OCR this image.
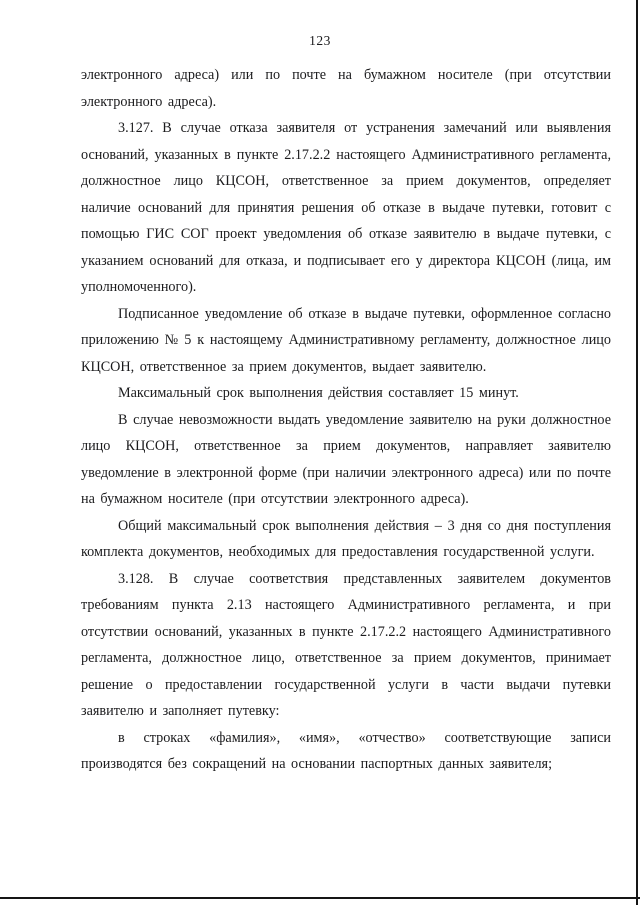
123

электронного адреса) или по почте на бумажном носителе (при отсутствии электронного адреса).

3.127. В случае отказа заявителя от устранения замечаний или выявления оснований, указанных в пункте 2.17.2.2 настоящего Административного регламента, должностное лицо КЦСОН, ответственное за прием документов, определяет наличие оснований для принятия решения об отказе в выдаче путевки, готовит с помощью ГИС СОГ проект уведомления об отказе заявителю в выдаче путевки, с указанием оснований для отказа, и подписывает его у директора КЦСОН (лица, им уполномоченного).

Подписанное уведомление об отказе в выдаче путевки, оформленное согласно приложению № 5 к настоящему Административному регламенту, должностное лицо КЦСОН, ответственное за прием документов, выдает заявителю.

Максимальный срок выполнения действия составляет 15 минут.

В случае невозможности выдать уведомление заявителю на руки должностное лицо КЦСОН, ответственное за прием документов, направляет заявителю уведомление в электронной форме (при наличии электронного адреса) или по почте на бумажном носителе (при отсутствии электронного адреса).

Общий максимальный срок выполнения действия – 3 дня со дня поступления комплекта документов, необходимых для предоставления государственной услуги.

3.128. В случае соответствия представленных заявителем документов требованиям пункта 2.13 настоящего Административного регламента, и при отсутствии оснований, указанных в пункте 2.17.2.2 настоящего Административного регламента, должностное лицо, ответственное за прием документов, принимает решение о предоставлении государственной услуги в части выдачи путевки заявителю и заполняет путевку:

в строках «фамилия», «имя», «отчество» соответствующие записи производятся без сокращений на основании паспортных данных заявителя;
